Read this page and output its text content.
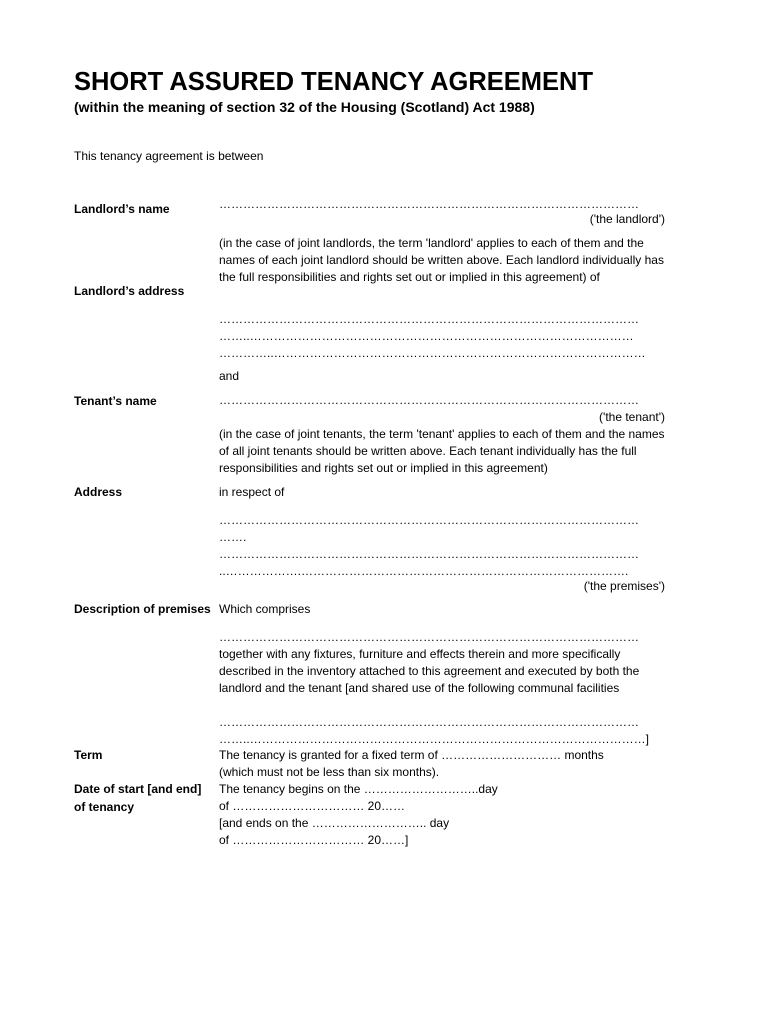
SHORT ASSURED TENANCY AGREEMENT
(within the meaning of section 32 of the Housing (Scotland) Act 1988)
This tenancy agreement is between
Landlord’s name	……………………………………………………………………………………………
('the landlord')
(in the case of joint landlords, the term 'landlord' applies to each of them and the names of each joint landlord should be written above. Each landlord individually has the full responsibilities and rights set out or implied in this agreement) of
Landlord’s address
……………………………………………………………………………………………
……..……………………………………………………………………………………
…………..…………………………………………………………………………………
and
Tenant’s name	……………………………………………………………………………………………
('the tenant')
(in the case of joint tenants, the term 'tenant' applies to each of them and the names of all joint tenants should be written above. Each tenant individually has the full responsibilities and rights set out or implied in this agreement)
Address	in respect of
……………………………………………………………………………………………
…….
……………………………………………………………………………………………
..……………….……………………………………………………………………….
('the premises')
Description of premises Which comprises
……………………………………………………………………………………………
together with any fixtures, furniture and effects therein and more specifically described in the inventory attached to this agreement and executed by both the landlord and the tenant [and shared use of the following communal facilities
……………………………………………………………………………………………
……..………………………………………………………………………………………]
Term	The tenancy is granted for a fixed term of ………………………… months
(which must not be less than six months).
Date of start [and end] of tenancy
The tenancy begins on the ………………………..day
of …………………………… 20……
[and ends on the ……………………….. day
of …………………………… 20……]
